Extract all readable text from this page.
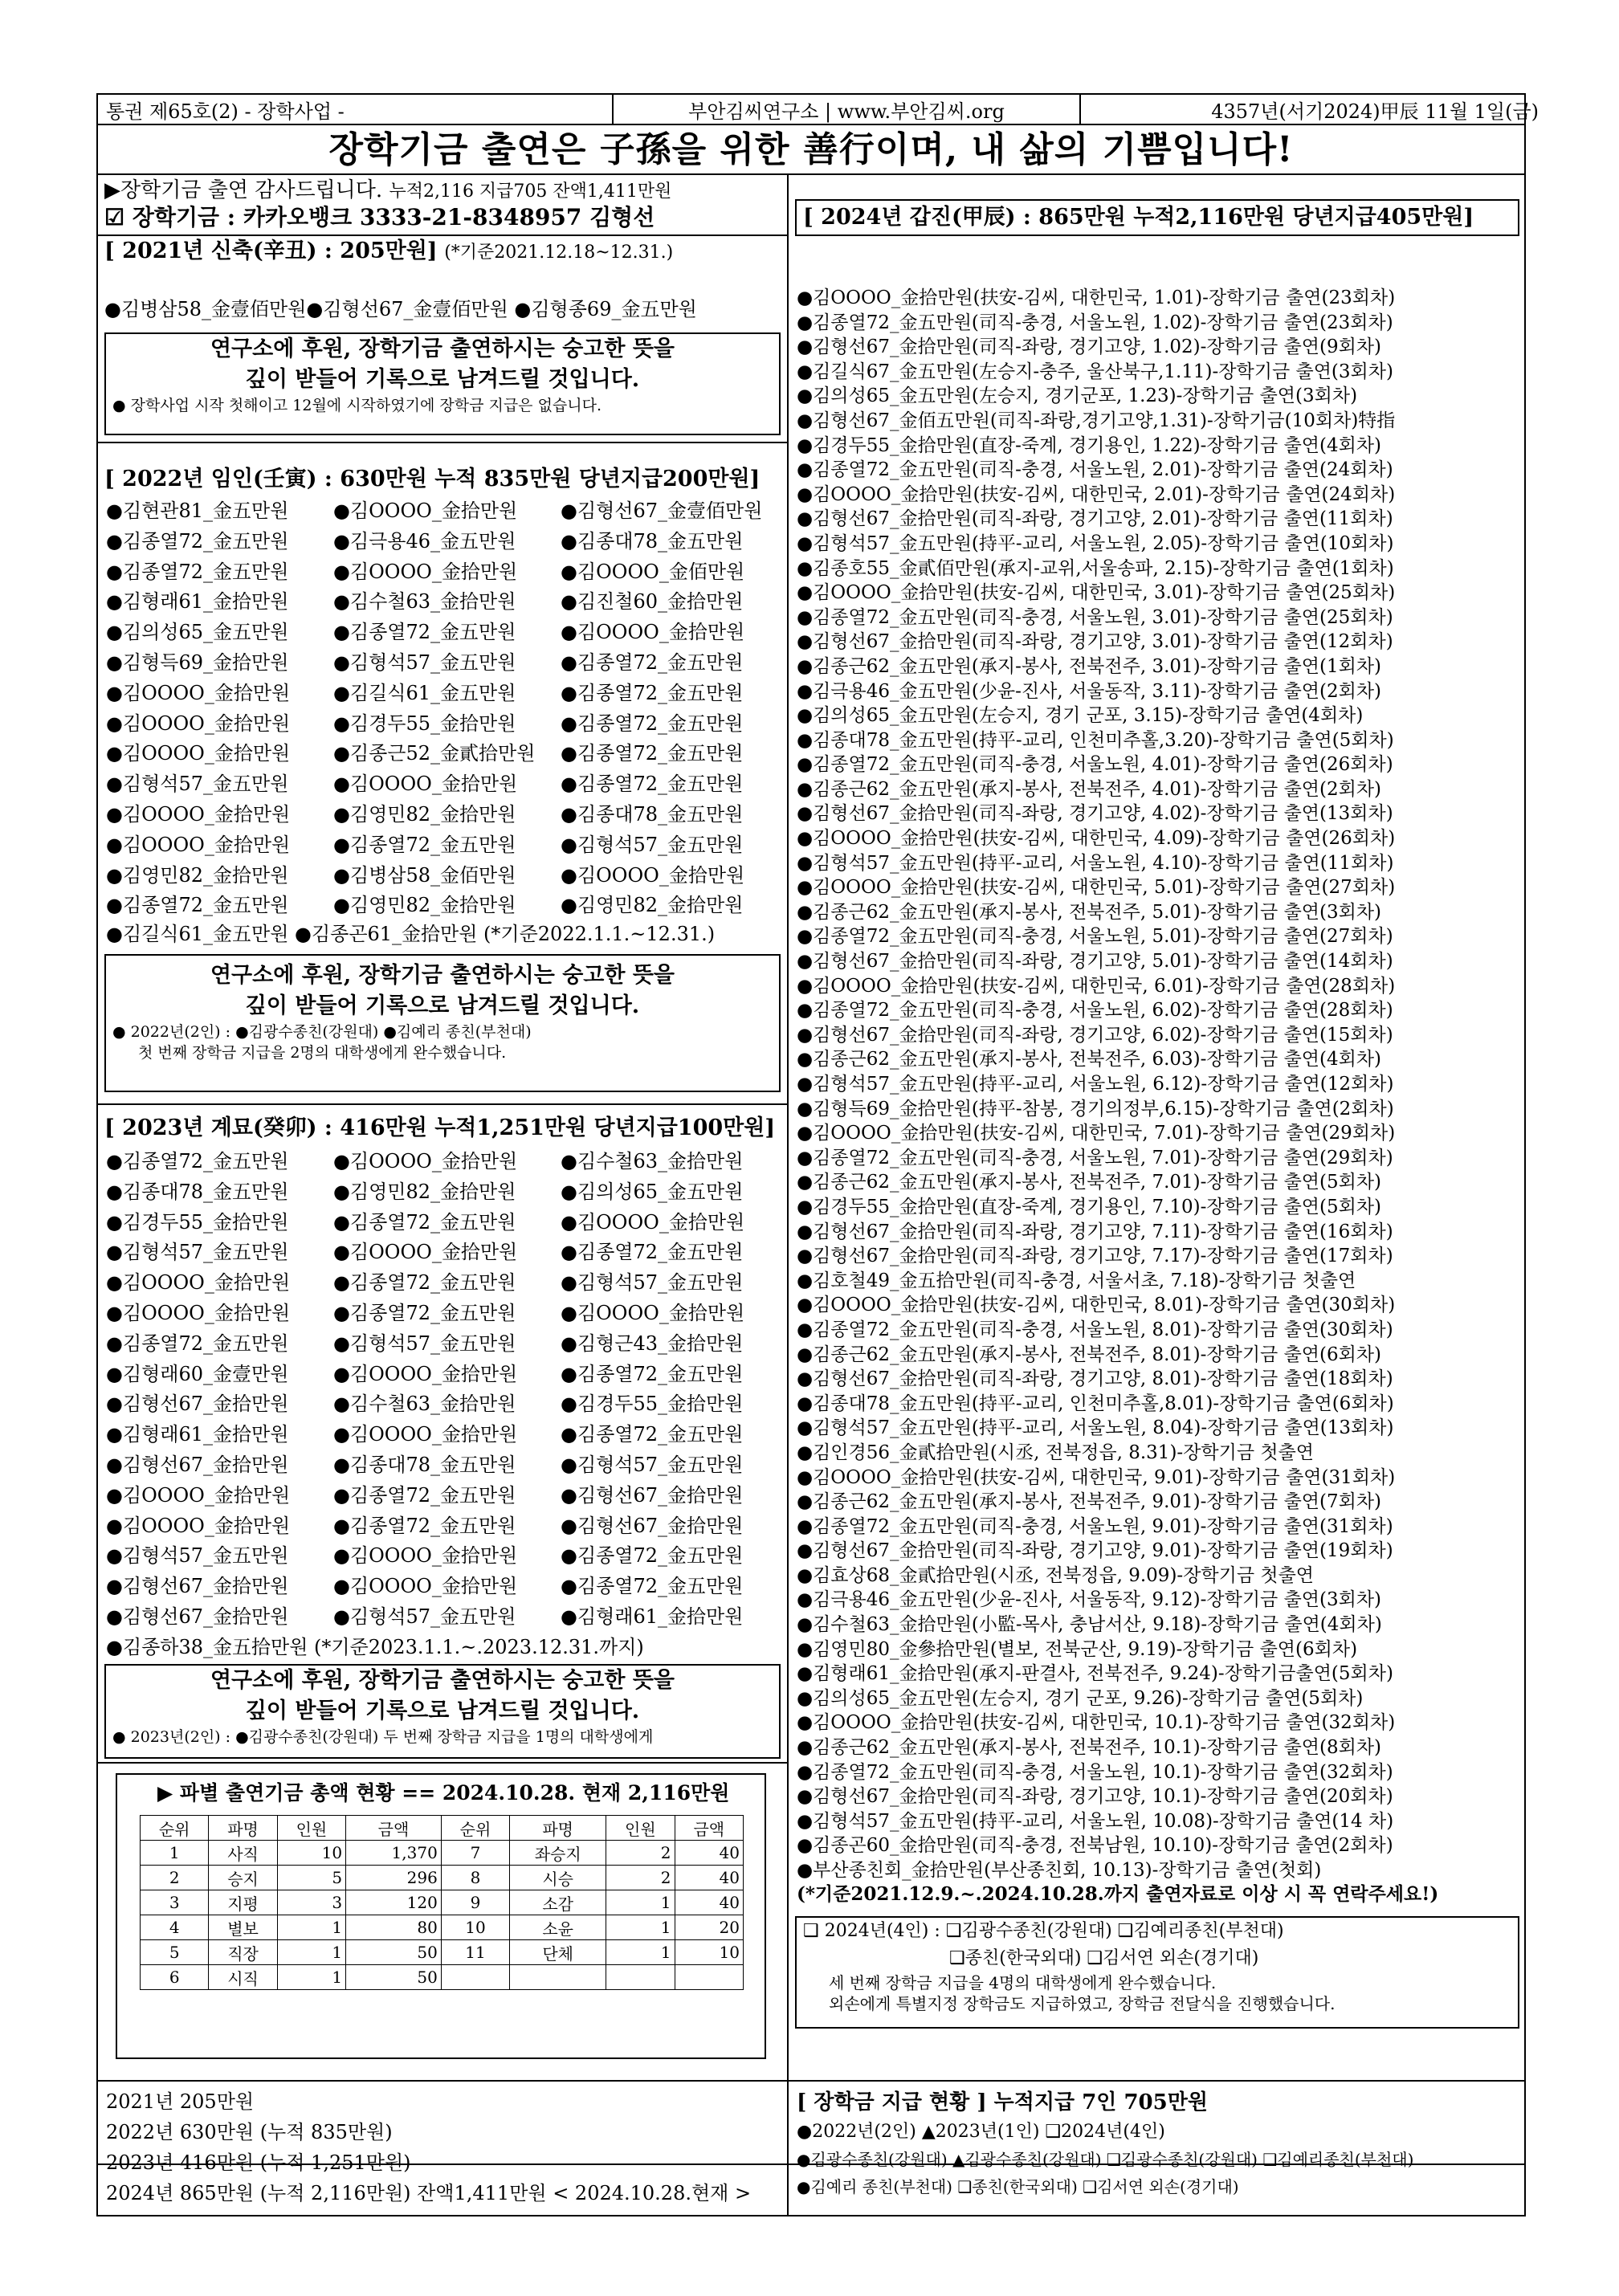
통권 제65호(2) - 장학사업 -	부안김씨연구소 | www.부안김씨.org	4357년(서기2024)甲辰 11월 1일(금)
장학기금 출연은 子孫을 위한 善行이며, 내 삶의 기쁨입니다!
▶장학기금 출연 감사드립니다. 누적2,116 지급705 잔액1,411만원
☑ 장학기금 : 카카오뱅크 3333-21-8348957 김형선
[ 2021년 신축(辛丑) : 205만원] (*기준2021.12.18~12.31.)
●김병삼58_金壹佰만원●김형선67_金壹佰만원 ●김형종69_金五만원
연구소에 후원, 장학기금 출연하시는 숭고한 뜻을
깊이 받들어 기록으로 남겨드릴 것입니다.
● 장학사업 시작 첫해이고 12월에 시작하였기에 장학금 지급은 없습니다.
[ 2022년 임인(壬寅) : 630만원 누적 835만원 당년지급200만원]
●김현관81_金五만원	●김OOOO_金拾만원	●김형선67_金壹佰만원
●김종열72_金五만원	●김극용46_金五만원	●김종대78_金五만원
●김종열72_金五만원	●김OOOO_金拾만원	●김OOOO_金佰만원
●김형래61_金拾만원	●김수철63_金拾만원	●김진철60_金拾만원
●김의성65_金五만원	●김종열72_金五만원	●김OOOO_金拾만원
●김형득69_金拾만원	●김형석57_金五만원	●김종열72_金五만원
●김OOOO_金拾만원	●김길식61_金五만원	●김종열72_金五만원
●김OOOO_金拾만원	●김경두55_金拾만원	●김종열72_金五만원
●김OOOO_金拾만원	●김종근52_金貳拾만원	●김종열72_金五만원
●김형석57_金五만원	●김OOOO_金拾만원	●김종열72_金五만원
●김OOOO_金拾만원	●김영민82_金拾만원	●김종대78_金五만원
●김OOOO_金拾만원	●김종열72_金五만원	●김형석57_金五만원
●김영민82_金拾만원	●김병삼58_金佰만원	●김OOOO_金拾만원
●김종열72_金五만원	●김영민82_金拾만원	●김영민82_金拾만원
●김길식61_金五만원 ●김종곤61_金拾만원 (*기준2022.1.1.~12.31.)
연구소에 후원, 장학기금 출연하시는 숭고한 뜻을
깊이 받들어 기록으로 남겨드릴 것입니다.
● 2022년(2인) : ●김광수종친(강원대) ●김예리 종친(부천대)
첫 번째 장학금 지급을 2명의 대학생에게 완수했습니다.
[ 2023년 계묘(癸卯) : 416만원 누적1,251만원 당년지급100만원]
●김종열72_金五만원	●김OOOO_金拾만원	●김수철63_金拾만원
●김종대78_金五만원	●김영민82_金拾만원	●김의성65_金五만원
●김경두55_金拾만원	●김종열72_金五만원	●김OOOO_金拾만원
●김형석57_金五만원	●김OOOO_金拾만원	●김종열72_金五만원
●김OOOO_金拾만원	●김종열72_金五만원	●김형석57_金五만원
●김OOOO_金拾만원	●김종열72_金五만원	●김OOOO_金拾만원
●김종열72_金五만원	●김형석57_金五만원	●김형근43_金拾만원
●김형래60_金壹만원	●김OOOO_金拾만원	●김종열72_金五만원
●김형선67_金拾만원	●김수철63_金拾만원	●김경두55_金拾만원
●김형래61_金拾만원	●김OOOO_金拾만원	●김종열72_金五만원
●김형선67_金拾만원	●김종대78_金五만원	●김형석57_金五만원
●김OOOO_金拾만원	●김종열72_金五만원	●김형선67_金拾만원
●김OOOO_金拾만원	●김종열72_金五만원	●김형선67_金拾만원
●김형석57_金五만원	●김OOOO_金拾만원	●김종열72_金五만원
●김형선67_金拾만원	●김OOOO_金拾만원	●김종열72_金五만원
●김형선67_金拾만원	●김형석57_金五만원	●김형래61_金拾만원
●김종하38_金五拾만원 (*기준2023.1.1.~.2023.12.31.까지)
연구소에 후원, 장학기금 출연하시는 숭고한 뜻을
깊이 받들어 기록으로 남겨드릴 것입니다.
● 2023년(2인) : ●김광수종친(강원대) 두 번째 장학금 지급을 1명의 대학생에게
▶ 파별 출연기금 총액 현황 == 2024.10.28. 현재 2,116만원
순위	파명	인원	금액	순위	파명	인원	금액
1	사직	10	1,370	7	좌승지	2	40
2	승지	5	296	8	시승	2	40
3	지평	3	120	9	소감	1	40
4	별보	1	80	10	소윤	1	20
5	직장	1	50	11	단체	1	10
6	시직	1	50				
[ 2024년 갑진(甲辰) : 865만원 누적2,116만원 당년지급405만원]
●김OOOO_金拾만원(扶安-김씨, 대한민국, 1.01)-장학기금 출연(23회차)
●김종열72_金五만원(司직-충경, 서울노원, 1.02)-장학기금 출연(23회차)
●김형선67_金拾만원(司직-좌랑, 경기고양, 1.02)-장학기금 출연(9회차)
●김길식67_金五만원(左승지-충주, 울산북구,1.11)-장학기금 출연(3회차)
●김의성65_金五만원(左승지, 경기군포, 1.23)-장학기금 출연(3회차)
●김형선67_金佰五만원(司직-좌랑,경기고양,1.31)-장학기금(10회차)特指
●김경두55_金拾만원(直장-죽계, 경기용인, 1.22)-장학기금 출연(4회차)
●김종열72_金五만원(司직-충경, 서울노원, 2.01)-장학기금 출연(24회차)
●김OOOO_金拾만원(扶安-김씨, 대한민국, 2.01)-장학기금 출연(24회차)
●김형선67_金拾만원(司직-좌랑, 경기고양, 2.01)-장학기금 출연(11회차)
●김형석57_金五만원(持平-교리, 서울노원, 2.05)-장학기금 출연(10회차)
●김종호55_金貳佰만원(承지-교위,서울송파, 2.15)-장학기금 출연(1회차)
●김OOOO_金拾만원(扶安-김씨, 대한민국, 3.01)-장학기금 출연(25회차)
●김종열72_金五만원(司직-충경, 서울노원, 3.01)-장학기금 출연(25회차)
●김형선67_金拾만원(司직-좌랑, 경기고양, 3.01)-장학기금 출연(12회차)
●김종근62_金五만원(承지-봉사, 전북전주, 3.01)-장학기금 출연(1회차)
●김극용46_金五만원(少윤-진사, 서울동작, 3.11)-장학기금 출연(2회차)
●김의성65_金五만원(左승지, 경기 군포, 3.15)-장학기금 출연(4회차)
●김종대78_金五만원(持平-교리, 인천미추홀,3.20)-장학기금 출연(5회차)
●김종열72_金五만원(司직-충경, 서울노원, 4.01)-장학기금 출연(26회차)
●김종근62_金五만원(承지-봉사, 전북전주, 4.01)-장학기금 출연(2회차)
●김형선67_金拾만원(司직-좌랑, 경기고양, 4.02)-장학기금 출연(13회차)
●김OOOO_金拾만원(扶安-김씨, 대한민국, 4.09)-장학기금 출연(26회차)
●김형석57_金五만원(持平-교리, 서울노원, 4.10)-장학기금 출연(11회차)
●김OOOO_金拾만원(扶安-김씨, 대한민국, 5.01)-장학기금 출연(27회차)
●김종근62_金五만원(承지-봉사, 전북전주, 5.01)-장학기금 출연(3회차)
●김종열72_金五만원(司직-충경, 서울노원, 5.01)-장학기금 출연(27회차)
●김형선67_金拾만원(司직-좌랑, 경기고양, 5.01)-장학기금 출연(14회차)
●김OOOO_金拾만원(扶安-김씨, 대한민국, 6.01)-장학기금 출연(28회차)
●김종열72_金五만원(司직-충경, 서울노원, 6.02)-장학기금 출연(28회차)
●김형선67_金拾만원(司직-좌랑, 경기고양, 6.02)-장학기금 출연(15회차)
●김종근62_金五만원(承지-봉사, 전북전주, 6.03)-장학기금 출연(4회차)
●김형석57_金五만원(持平-교리, 서울노원, 6.12)-장학기금 출연(12회차)
●김형득69_金拾만원(持平-참봉, 경기의정부,6.15)-장학기금 출연(2회차)
●김OOOO_金拾만원(扶安-김씨, 대한민국, 7.01)-장학기금 출연(29회차)
●김종열72_金五만원(司직-충경, 서울노원, 7.01)-장학기금 출연(29회차)
●김종근62_金五만원(承지-봉사, 전북전주, 7.01)-장학기금 출연(5회차)
●김경두55_金拾만원(直장-죽계, 경기용인, 7.10)-장학기금 출연(5회차)
●김형선67_金拾만원(司직-좌랑, 경기고양, 7.11)-장학기금 출연(16회차)
●김형선67_金拾만원(司직-좌랑, 경기고양, 7.17)-장학기금 출연(17회차)
●김호철49_金五拾만원(司직-충경, 서울서초, 7.18)-장학기금 첫출연
●김OOOO_金拾만원(扶安-김씨, 대한민국, 8.01)-장학기금 출연(30회차)
●김종열72_金五만원(司직-충경, 서울노원, 8.01)-장학기금 출연(30회차)
●김종근62_金五만원(承지-봉사, 전북전주, 8.01)-장학기금 출연(6회차)
●김형선67_金拾만원(司직-좌랑, 경기고양, 8.01)-장학기금 출연(18회차)
●김종대78_金五만원(持平-교리, 인천미추홀,8.01)-장학기금 출연(6회차)
●김형석57_金五만원(持平-교리, 서울노원, 8.04)-장학기금 출연(13회차)
●김인경56_金貳拾만원(시丞, 전북정읍, 8.31)-장학기금 첫출연
●김OOOO_金拾만원(扶安-김씨, 대한민국, 9.01)-장학기금 출연(31회차)
●김종근62_金五만원(承지-봉사, 전북전주, 9.01)-장학기금 출연(7회차)
●김종열72_金五만원(司직-충경, 서울노원, 9.01)-장학기금 출연(31회차)
●김형선67_金拾만원(司직-좌랑, 경기고양, 9.01)-장학기금 출연(19회차)
●김효상68_金貳拾만원(시丞, 전북정읍, 9.09)-장학기금 첫출연
●김극용46_金五만원(少윤-진사, 서울동작, 9.12)-장학기금 출연(3회차)
●김수철63_金拾만원(小監-목사, 충남서산, 9.18)-장학기금 출연(4회차)
●김영민80_金參拾만원(별보, 전북군산, 9.19)-장학기금 출연(6회차)
●김형래61_金拾만원(承지-판결사, 전북전주, 9.24)-장학기금출연(5회차)
●김의성65_金五만원(左승지, 경기 군포, 9.26)-장학기금 출연(5회차)
●김OOOO_金拾만원(扶安-김씨, 대한민국, 10.1)-장학기금 출연(32회차)
●김종근62_金五만원(承지-봉사, 전북전주, 10.1)-장학기금 출연(8회차)
●김종열72_金五만원(司직-충경, 서울노원, 10.1)-장학기금 출연(32회차)
●김형선67_金拾만원(司직-좌랑, 경기고양, 10.1)-장학기금 출연(20회차)
●김형석57_金五만원(持平-교리, 서울노원, 10.08)-장학기금 출연(14 차)
●김종곤60_金拾만원(司직-충경, 전북남원, 10.10)-장학기금 출연(2회차)
●부산종친회_金拾만원(부산종친회, 10.13)-장학기금 출연(첫회)
(*기준2021.12.9.~.2024.10.28.까지 출연자료로 이상 시 꼭 연락주세요!)
❑ 2024년(4인) : ❑김광수종친(강원대) ❑김예리종친(부천대)
❑종친(한국외대) ❑김서연 외손(경기대)
세 번째 장학금 지급을 4명의 대학생에게 완수했습니다.
외손에게 특별지정 장학금도 지급하였고, 장학금 전달식을 진행했습니다.
2021년 205만원
2022년 630만원 (누적 835만원)
2023년 416만원 (누적 1,251만원)
2024년 865만원 (누적 2,116만원) 잔액1,411만원 < 2024.10.28.현재 >
[ 장학금 지급 현황 ] 누적지급 7인 705만원
●2022년(2인) ▲2023년(1인) ❑2024년(4인)
●김광수종친(강원대) ▲김광수종친(강원대) ❑김광수종친(강원대) ❑김예리종친(부천대)
●김예리 종친(부천대) ❑종친(한국외대) ❑김서연 외손(경기대)
